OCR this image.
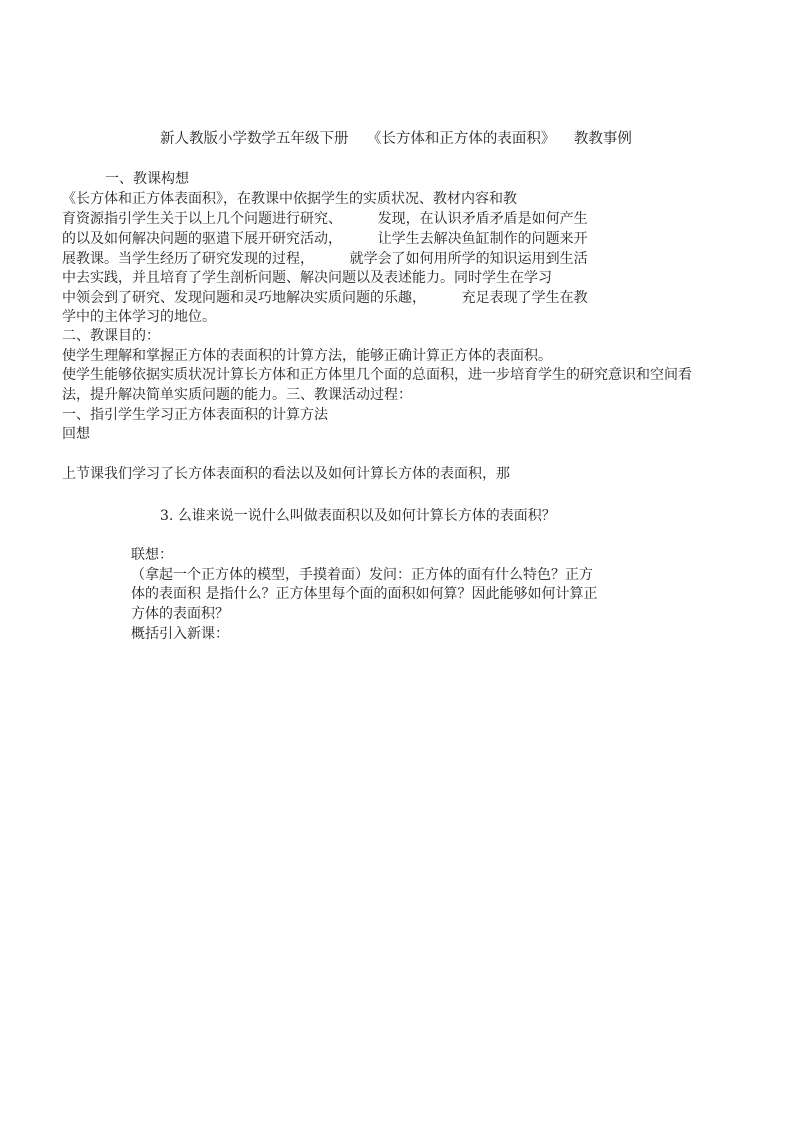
新人教版小学数学五年级下册    《长方体和正方体的表面积》    教教事例
一、教课构想
《长方体和正方体表面积》，在教课中依据学生的实质状况、教材内容和教
育资源指引学生关于以上几个问题进行研究、        发现，在认识矛盾矛盾是如何产生
的以及如何解决问题的驱遣下展开研究活动，        让学生去解决鱼缸制作的问题来开
展教课。当学生经历了研究发现的过程，        就学会了如何用所学的知识运用到生活
中去实践，并且培育了学生剖析问题、解决问题以及表述能力。同时学生在学习
中领会到了研究、发现问题和灵巧地解决实质问题的乐趣，        充足表现了学生在教
学中的主体学习的地位。
二、教课目的：
使学生理解和掌握正方体的表面积的计算方法，能够正确计算正方体的表面积。
使学生能够依据实质状况计算长方体和正方体里几个面的总面积，进一步培育学生的研究意识和空间看
法，提升解决简单实质问题的能力。三、教课活动过程：
一、指引学生学习正方体表面积的计算方法
回想
上节课我们学习了长方体表面积的看法以及如何计算长方体的表面积，那
3. 么谁来说一说什么叫做表面积以及如何计算长方体的表面积？
联想：
（拿起一个正方体的模型，手摸着面）发问：正方体的面有什么特色？正方
体的表面积 是指什么？正方体里每个面的面积如何算？因此能够如何计算正
方体的表面积？
概括引入新课：
